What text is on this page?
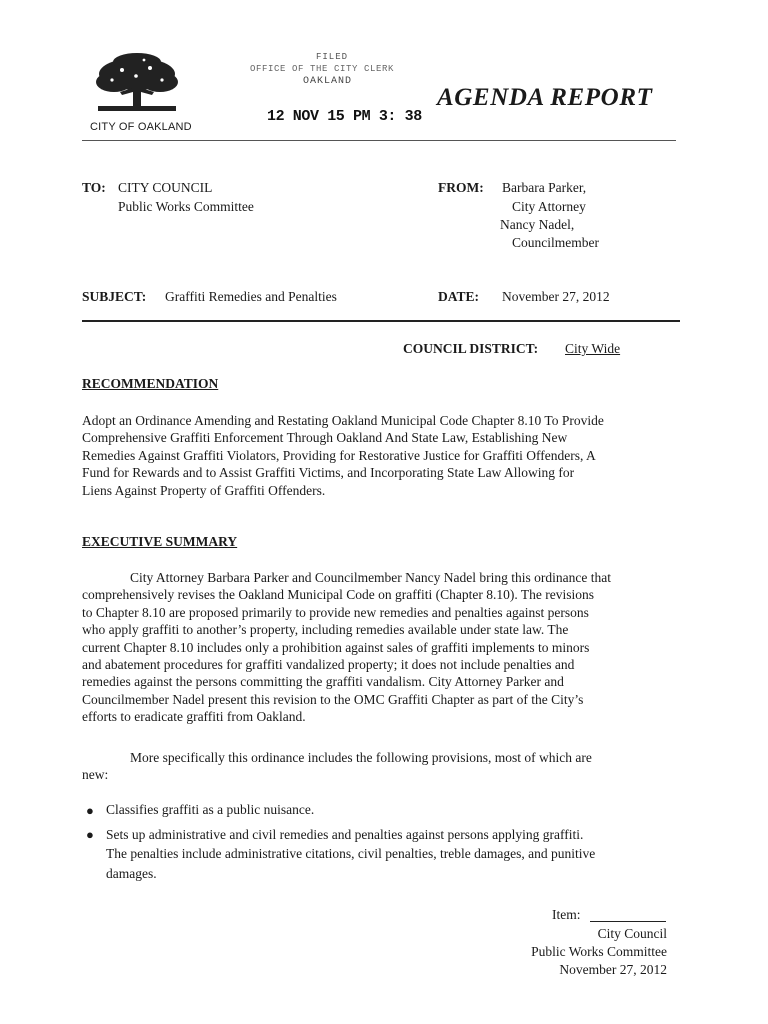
CITY OF OAKLAND
FILED
OFFICE OF THE CITY CLERK
OAKLAND
12 NOV 15 PM 3: 38
AGENDA REPORT
TO: CITY COUNCIL
Public Works Committee
FROM: Barbara Parker,
City Attorney
Nancy Nadel,
Councilmember
SUBJECT: Graffiti Remedies and Penalties	DATE: November 27, 2012
COUNCIL DISTRICT: City Wide
RECOMMENDATION
Adopt an Ordinance Amending and Restating Oakland Municipal Code Chapter 8.10 To Provide
Comprehensive Graffiti Enforcement Through Oakland And State Law, Establishing New
Remedies Against Graffiti Violators, Providing for Restorative Justice for Graffiti Offenders, A
Fund for Rewards and to Assist Graffiti Victims, and Incorporating State Law Allowing for
Liens Against Property of Graffiti Offenders.
EXECUTIVE SUMMARY
City Attorney Barbara Parker and Councilmember Nancy Nadel bring this ordinance that
comprehensively revises the Oakland Municipal Code on graffiti (Chapter 8.10). The revisions
to Chapter 8.10 are proposed primarily to provide new remedies and penalties against persons
who apply graffiti to another’s property, including remedies available under state law. The
current Chapter 8.10 includes only a prohibition against sales of graffiti implements to minors
and abatement procedures for graffiti vandalized property; it does not include penalties and
remedies against the persons committing the graffiti vandalism. City Attorney Parker and
Councilmember Nadel present this revision to the OMC Graffiti Chapter as part of the City’s
efforts to eradicate graffiti from Oakland.
More specifically this ordinance includes the following provisions, most of which are
new:
● Classifies graffiti as a public nuisance.
● Sets up administrative and civil remedies and penalties against persons applying graffiti.
The penalties include administrative citations, civil penalties, treble damages, and punitive
damages.
Item:
City Council
Public Works Committee
November 27, 2012
